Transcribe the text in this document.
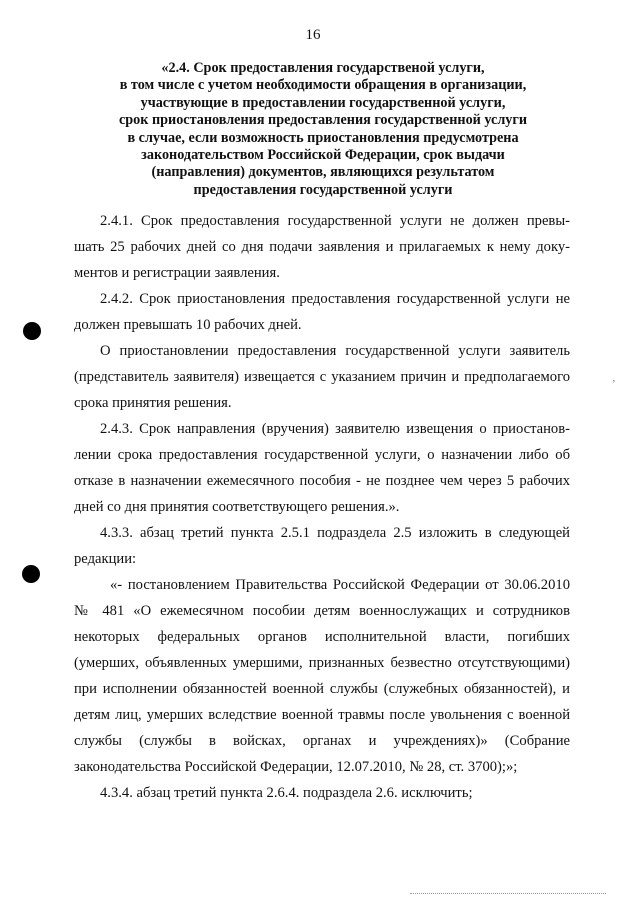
16
«2.4. Срок предоставления государственой услуги,
в том числе с учетом необходимости обращения в организации,
участвующие в предоставлении государственной услуги,
срок приостановления предоставления государственной услуги
в случае, если возможность приостановления предусмотрена
законодательством Российской Федерации, срок выдачи
(направления) документов, являющихся результатом
предоставления государственной услуги
2.4.1. Срок предоставления государственной услуги не должен превы-
шать 25 рабочих дней со дня подачи заявления и прилагаемых к нему доку-
ментов и регистрации заявления.
2.4.2. Срок приостановления предоставления государственной услуги не
должен превышать 10 рабочих дней.
О приостановлении предоставления государственной услуги заявитель
(представитель заявителя) извещается с указанием причин и предполагаемого
срока принятия решения.
2.4.3. Срок направления (вручения) заявителю извещения о приостанов-
лении срока предоставления государственной услуги, о назначении либо об
отказе в назначении ежемесячного пособия - не позднее чем через 5 рабочих
дней со дня принятия соответствующего решения.».
4.3.3. абзац третий пункта 2.5.1 подраздела 2.5 изложить в следующей
редакции:
«- постановлением Правительства Российской Федерации от 30.06.2010
№ 481 «О ежемесячном пособии детям военнослужащих и сотрудников
некоторых федеральных органов исполнительной власти, погибших
(умерших, объявленных умершими, признанных безвестно отсутствующими)
при исполнении обязанностей военной службы (служебных обязанностей), и
детям лиц, умерших вследствие военной травмы после увольнения с военной
службы (службы в войсках, органах и учреждениях)» (Собрание
законодательства Российской Федерации, 12.07.2010, № 28, ст. 3700);»;
4.3.4. абзац третий пункта 2.6.4. подраздела 2.6. исключить;
‚
